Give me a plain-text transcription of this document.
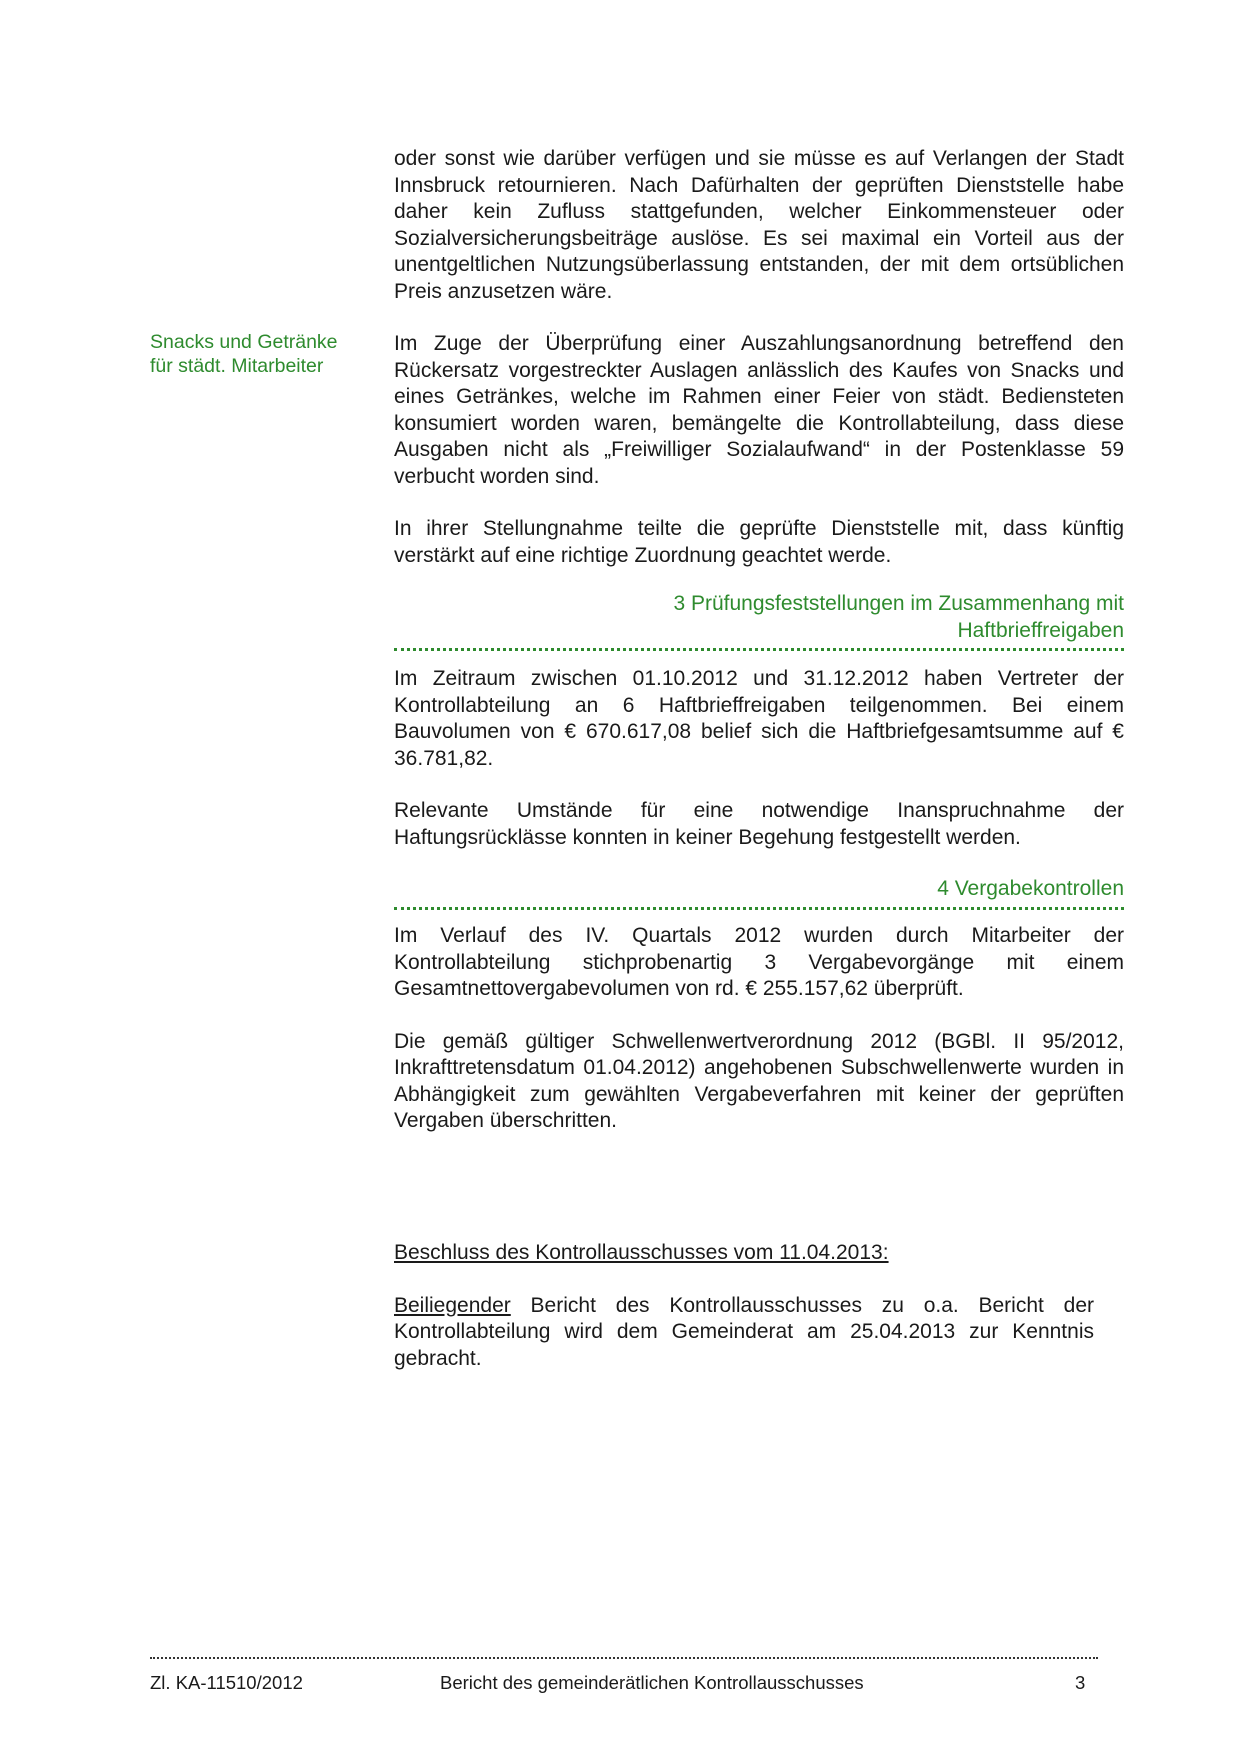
oder sonst wie darüber verfügen und sie müsse es auf Verlangen der Stadt Innsbruck retournieren. Nach Dafürhalten der geprüften Dienststelle habe daher kein Zufluss stattgefunden, welcher Einkommensteuer oder Sozialversicherungsbeiträge auslöse. Es sei maximal ein Vorteil aus der unentgeltlichen Nutzungsüberlassung entstanden, der mit dem ortsüblichen Preis anzusetzen wäre.

Snacks und Getränke
für städt. Mitarbeiter

Im Zuge der Überprüfung einer Auszahlungsanordnung betreffend den Rückersatz vorgestreckter Auslagen anlässlich des Kaufes von Snacks und eines Getränkes, welche im Rahmen einer Feier von städt. Bediensteten konsumiert worden waren, bemängelte die Kontrollabteilung, dass diese Ausgaben nicht als „Freiwilliger Sozialaufwand“ in der Postenklasse 59 verbucht worden sind.

In ihrer Stellungnahme teilte die geprüfte Dienststelle mit, dass künftig verstärkt auf eine richtige Zuordnung geachtet werde.

3 Prüfungsfeststellungen im Zusammenhang mit

Haftbrieffreigaben

Im Zeitraum zwischen 01.10.2012 und 31.12.2012 haben Vertreter der Kontrollabteilung an 6 Haftbrieffreigaben teilgenommen. Bei einem Bauvolumen von € 670.617,08 belief sich die Haftbriefgesamtsumme auf € 36.781,82.

Relevante Umstände für eine notwendige Inanspruchnahme der Haftungsrücklässe konnten in keiner Begehung festgestellt werden.

4 Vergabekontrollen

Im Verlauf des IV. Quartals 2012 wurden durch Mitarbeiter der Kontrollabteilung stichprobenartig 3 Vergabevorgänge mit einem Gesamtnettovergabevolumen von rd. € 255.157,62 überprüft.

Die gemäß gültiger Schwellenwertverordnung 2012 (BGBl. II 95/2012, Inkrafttretensdatum 01.04.2012) angehobenen Subschwellenwerte wurden in Abhängigkeit zum gewählten Vergabeverfahren mit keiner der geprüften Vergaben überschritten.

Beschluss des Kontrollausschusses vom 11.04.2013:

Beiliegender Bericht des Kontrollausschusses zu o.a. Bericht der Kontrollabteilung wird dem Gemeinderat am 25.04.2013 zur Kenntnis gebracht.

Zl. KA-11510/2012	Bericht des gemeinderätlichen Kontrollausschusses	3
